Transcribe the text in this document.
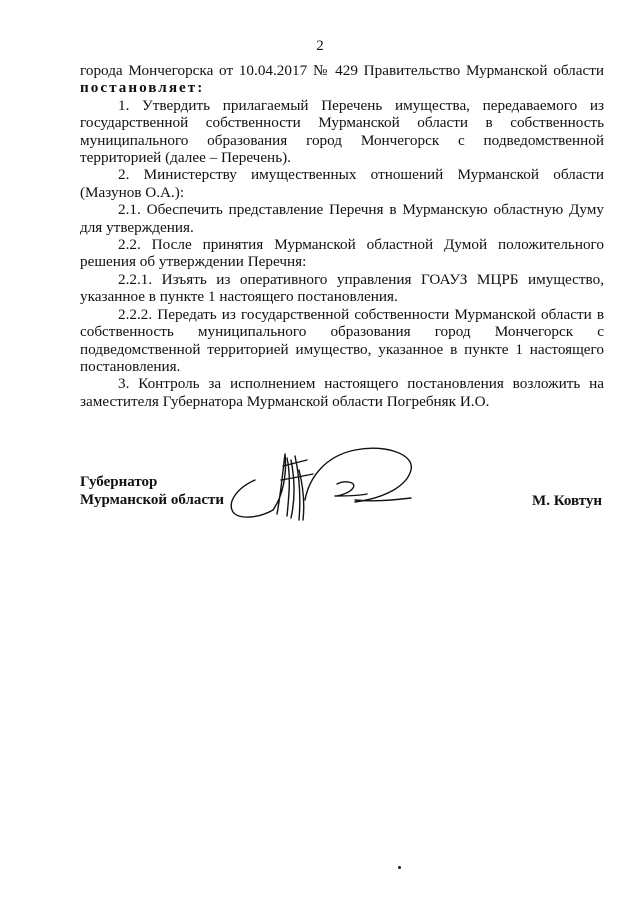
2

города Мончегорска от 10.04.2017 № 429 Правительство Мурманской области

постановляет:

1. Утвердить прилагаемый Перечень имущества, передаваемого из государственной собственности Мурманской области в собственность муниципального образования город Мончегорск с подведомственной территорией (далее – Перечень).

2. Министерству имущественных отношений Мурманской области (Мазунов О.А.):

2.1. Обеспечить представление Перечня в Мурманскую областную Думу для утверждения.

2.2. После принятия Мурманской областной Думой положительного решения об утверждении Перечня:

2.2.1. Изъять из оперативного управления ГОАУЗ МЦРБ имущество, указанное в пункте 1 настоящего постановления.

2.2.2. Передать из государственной собственности Мурманской области в собственность муниципального образования город Мончегорск с подведомственной территорией имущество, указанное в пункте 1 настоящего постановления.

3. Контроль за исполнением настоящего постановления возложить на заместителя Губернатора Мурманской области Погребняк И.О.

Губернатор
Мурманской области	М. Ковтун
